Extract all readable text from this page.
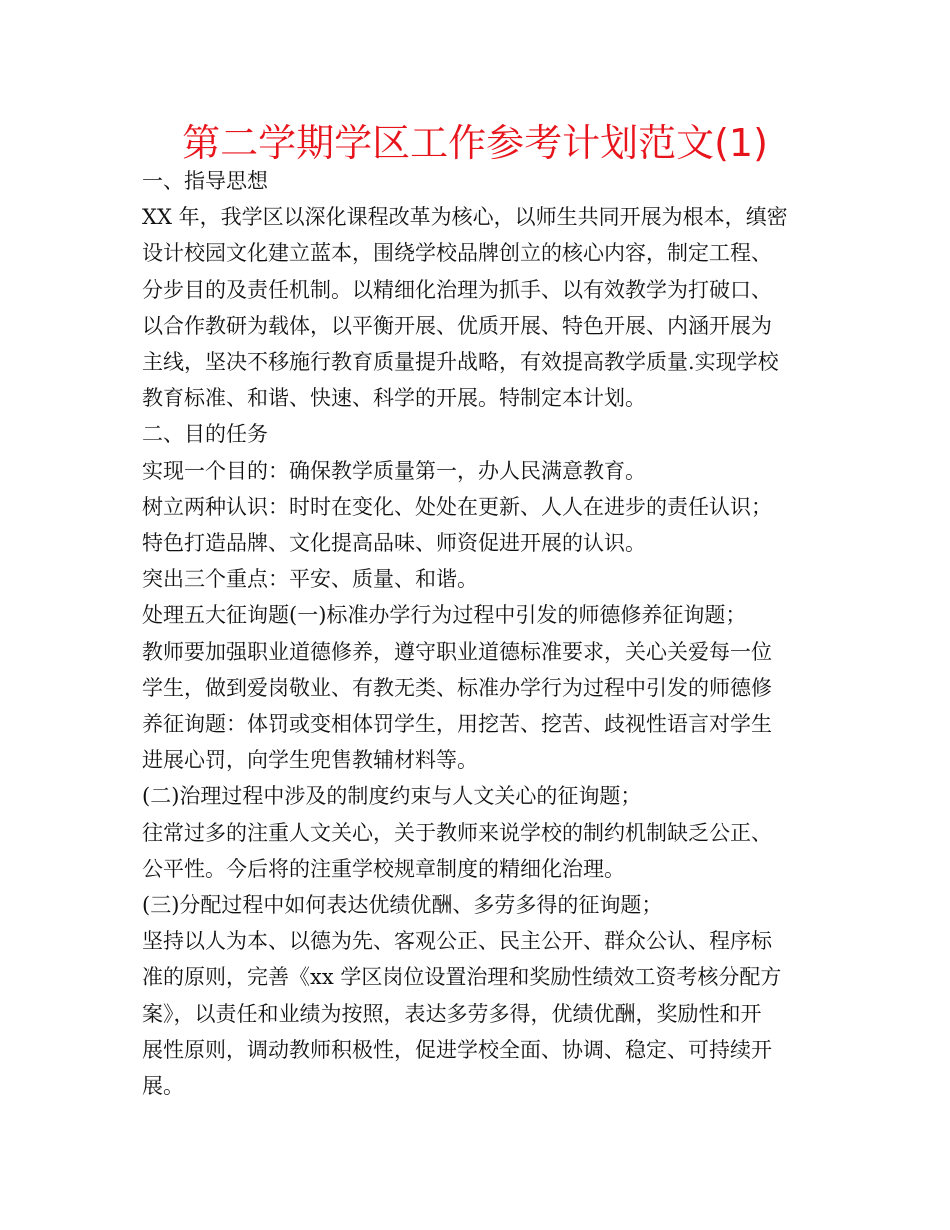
第二学期学区工作参考计划范文(1)

一、指导思想

XX 年，我学区以深化课程改革为核心，以师生共同开展为根本，缜密

设计校园文化建立蓝本，围绕学校品牌创立的核心内容，制定工程、

分步目的及责任机制。以精细化治理为抓手、以有效教学为打破口、

以合作教研为载体，以平衡开展、优质开展、特色开展、内涵开展为

主线，坚决不移施行教育质量提升战略，有效提高教学质量.实现学校

教育标准、和谐、快速、科学的开展。特制定本计划。

二、目的任务

实现一个目的：确保教学质量第一，办人民满意教育。

树立两种认识：时时在变化、处处在更新、人人在进步的责任认识；

特色打造品牌、文化提高品味、师资促进开展的认识。

突出三个重点：平安、质量、和谐。

处理五大征询题(一)标准办学行为过程中引发的师德修养征询题；

教师要加强职业道德修养，遵守职业道德标准要求，关心关爱每一位

学生，做到爱岗敬业、有教无类、标准办学行为过程中引发的师德修

养征询题：体罚或变相体罚学生，用挖苦、挖苦、歧视性语言对学生

进展心罚，向学生兜售教辅材料等。

(二)治理过程中涉及的制度约束与人文关心的征询题；

往常过多的注重人文关心，关于教师来说学校的制约机制缺乏公正、

公平性。今后将的注重学校规章制度的精细化治理。

(三)分配过程中如何表达优绩优酬、多劳多得的征询题；

坚持以人为本、以德为先、客观公正、民主公开、群众公认、程序标

准的原则，完善《xx 学区岗位设置治理和奖励性绩效工资考核分配方

案》，以责任和业绩为按照，表达多劳多得，优绩优酬，奖励性和开

展性原则，调动教师积极性，促进学校全面、协调、稳定、可持续开

展。
